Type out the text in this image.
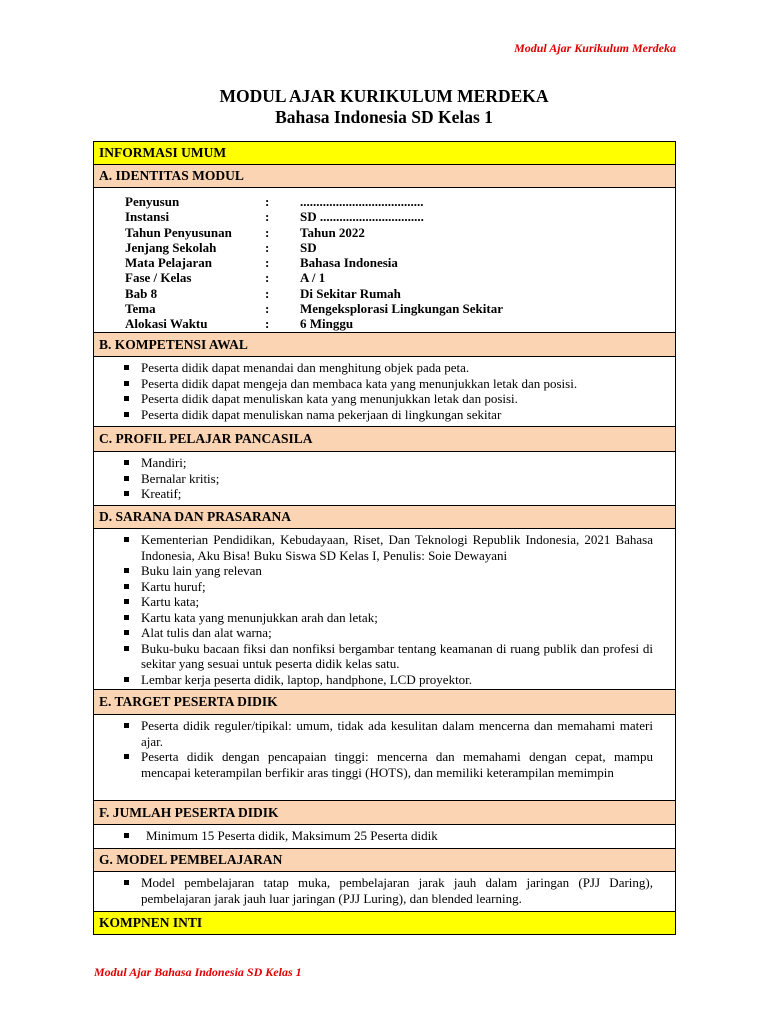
Modul Ajar Kurikulum Merdeka
MODUL AJAR KURIKULUM MERDEKA
Bahasa Indonesia SD Kelas 1
INFORMASI UMUM
A. IDENTITAS MODUL
Penyusun	:	......................................
Instansi	:	SD ................................
Tahun Penyusunan	:	Tahun 2022
Jenjang Sekolah	:	SD
Mata Pelajaran	:	Bahasa Indonesia
Fase / Kelas	:	A / 1
Bab 8	:	Di Sekitar Rumah
Tema	:	Mengeksplorasi Lingkungan Sekitar
Alokasi Waktu	:	6 Minggu
B. KOMPETENSI AWAL
Peserta didik dapat menandai dan menghitung objek pada peta.
Peserta didik dapat mengeja dan membaca kata yang menunjukkan letak dan posisi.
Peserta didik dapat menuliskan kata yang menunjukkan letak dan posisi.
Peserta didik dapat menuliskan nama pekerjaan di lingkungan sekitar
C. PROFIL PELAJAR PANCASILA
Mandiri;
Bernalar kritis;
Kreatif;
D. SARANA DAN PRASARANA
Kementerian Pendidikan, Kebudayaan, Riset, Dan Teknologi Republik Indonesia, 2021 Bahasa Indonesia, Aku Bisa! Buku Siswa SD Kelas I, Penulis: Soie Dewayani
Buku lain yang relevan
Kartu huruf;
Kartu kata;
Kartu kata yang menunjukkan arah dan letak;
Alat tulis dan alat warna;
Buku-buku bacaan fiksi dan nonfiksi bergambar tentang keamanan di ruang publik dan profesi di sekitar yang sesuai untuk peserta didik kelas satu.
Lembar kerja peserta didik, laptop, handphone, LCD proyektor.
E. TARGET PESERTA DIDIK
Peserta didik reguler/tipikal: umum, tidak ada kesulitan dalam mencerna dan memahami materi ajar.
Peserta didik dengan pencapaian tinggi: mencerna dan memahami dengan cepat, mampu mencapai keterampilan berfikir aras tinggi (HOTS), dan memiliki keterampilan memimpin
F. JUMLAH PESERTA DIDIK
Minimum 15 Peserta didik, Maksimum 25 Peserta didik
G. MODEL PEMBELAJARAN
Model pembelajaran tatap muka, pembelajaran jarak jauh dalam jaringan (PJJ Daring), pembelajaran jarak jauh luar jaringan (PJJ Luring), dan blended learning.
KOMPNEN INTI
Modul Ajar Bahasa Indonesia SD Kelas 1
